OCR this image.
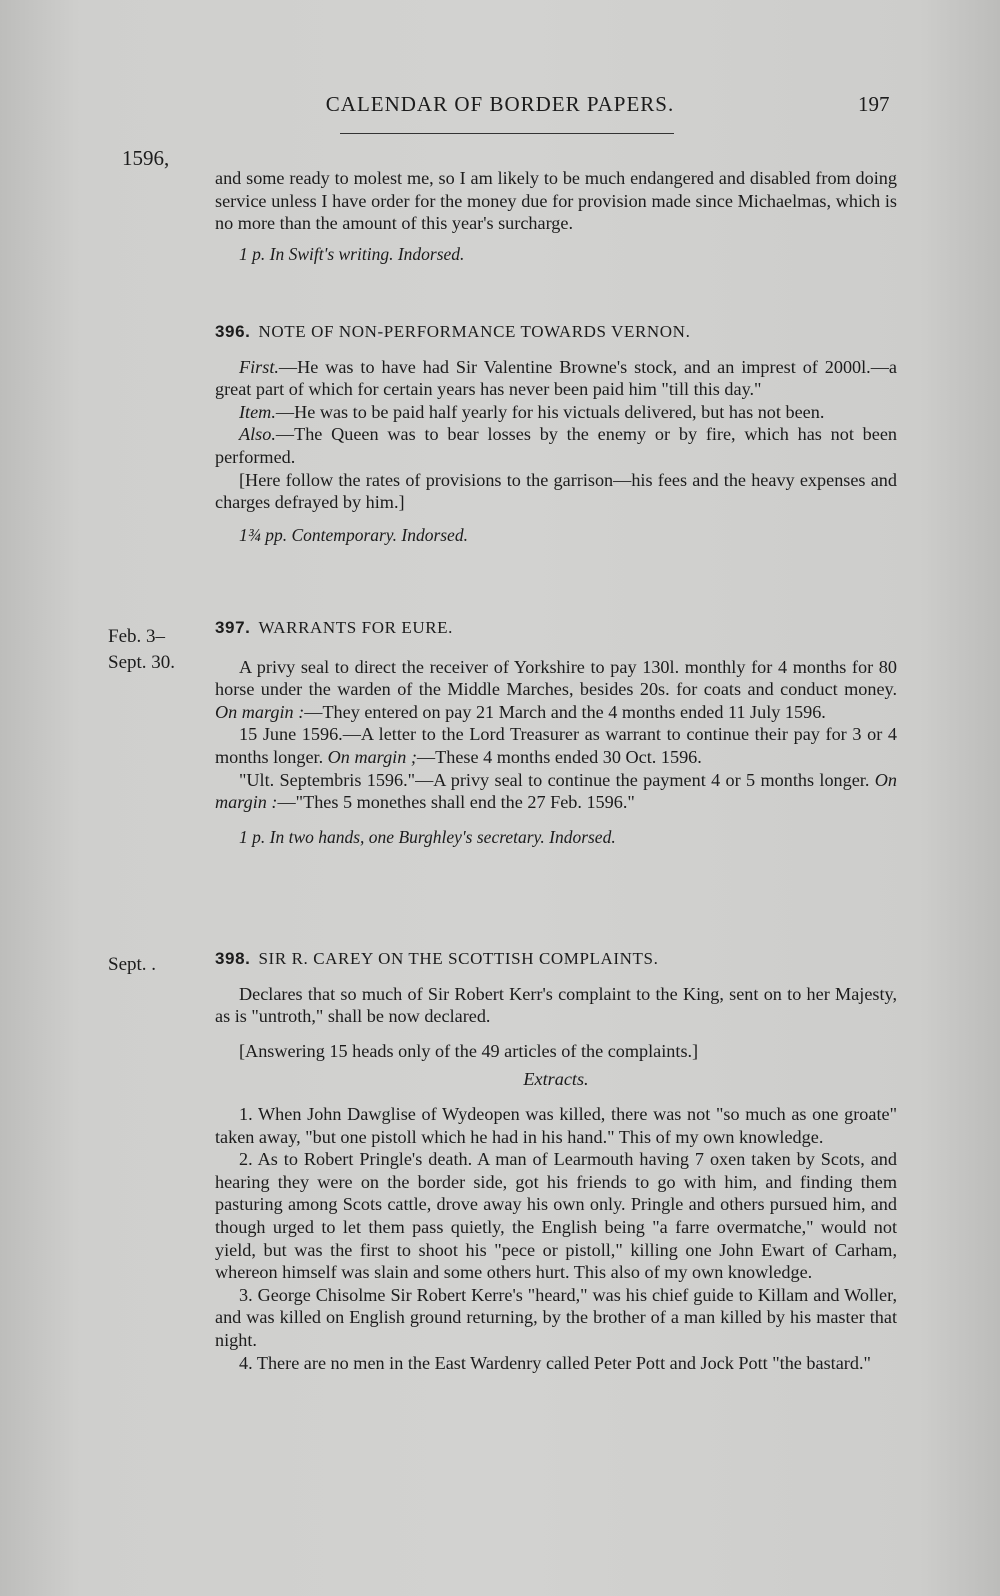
CALENDAR OF BORDER PAPERS.	197
1596,

and some ready to molest me, so I am likely to be much endangered and disabled from doing service unless I have order for the money due for provision made since Michaelmas, which is no more than the amount of this year's surcharge.

1 p. In Swift's writing. Indorsed.

396. NOTE OF NON-PERFORMANCE TOWARDS VERNON.

First.—He was to have had Sir Valentine Browne's stock, and an imprest of 2000l.—a great part of which for certain years has never been paid him "till this day."

Item.—He was to be paid half yearly for his victuals delivered, but has not been.

Also.—The Queen was to bear losses by the enemy or by fire, which has not been performed.

[Here follow the rates of provisions to the garrison—his fees and the heavy expenses and charges defrayed by him.]

1¾ pp. Contemporary. Indorsed.

Feb. 3–
Sept. 30.

397. WARRANTS FOR EURE.

A privy seal to direct the receiver of Yorkshire to pay 130l. monthly for 4 months for 80 horse under the warden of the Middle Marches, besides 20s. for coats and conduct money. On margin :—They entered on pay 21 March and the 4 months ended 11 July 1596.

15 June 1596.—A letter to the Lord Treasurer as warrant to continue their pay for 3 or 4 months longer. On margin ;—These 4 months ended 30 Oct. 1596.

"Ult. Septembris 1596."—A privy seal to continue the payment 4 or 5 months longer. On margin :—"Thes 5 monethes shall end the 27 Feb. 1596."

1 p. In two hands, one Burghley's secretary. Indorsed.

Sept. .	398. SIR R. CAREY ON THE SCOTTISH COMPLAINTS.

Declares that so much of Sir Robert Kerr's complaint to the King, sent on to her Majesty, as is "untroth," shall be now declared.

[Answering 15 heads only of the 49 articles of the complaints.]

Extracts.

1. When John Dawglise of Wydeopen was killed, there was not "so much as one groate" taken away, "but one pistoll which he had in his hand." This of my own knowledge.

2. As to Robert Pringle's death. A man of Learmouth having 7 oxen taken by Scots, and hearing they were on the border side, got his friends to go with him, and finding them pasturing among Scots cattle, drove away his own only. Pringle and others pursued him, and though urged to let them pass quietly, the English being "a farre overmatche," would not yield, but was the first to shoot his "pece or pistoll," killing one John Ewart of Carham, whereon himself was slain and some others hurt. This also of my own knowledge.

3. George Chisolme Sir Robert Kerre's "heard," was his chief guide to Killam and Woller, and was killed on English ground returning, by the brother of a man killed by his master that night.

4. There are no men in the East Wardenry called Peter Pott and Jock Pott "the bastard."
